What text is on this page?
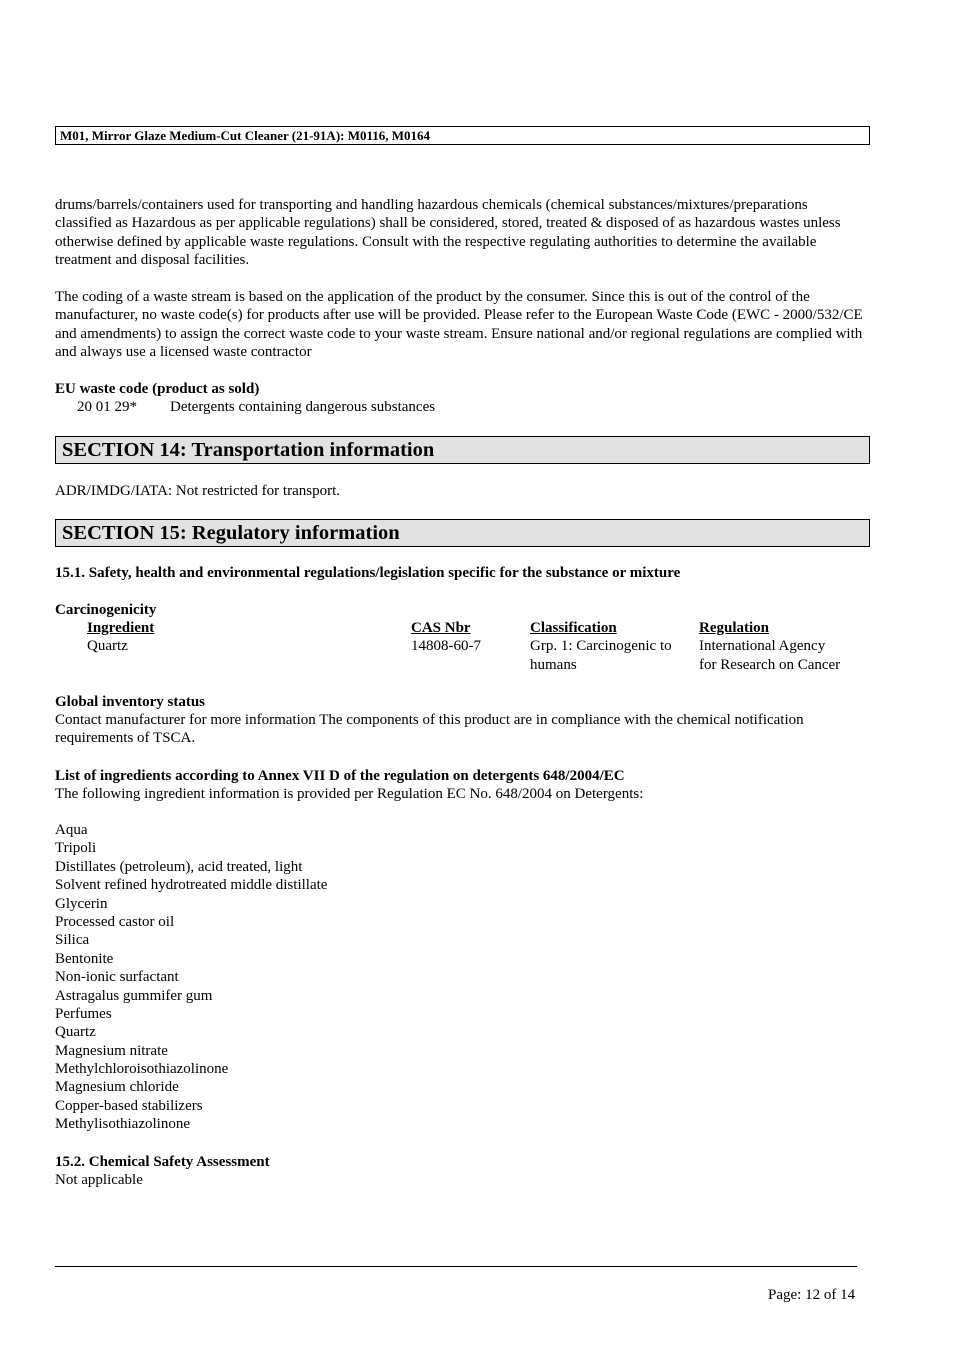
M01, Mirror Glaze Medium-Cut Cleaner (21-91A): M0116, M0164

drums/barrels/containers used for transporting and handling hazardous chemicals (chemical substances/mixtures/preparations classified as Hazardous as per applicable regulations) shall be considered, stored, treated & disposed of as hazardous wastes unless otherwise defined by applicable waste regulations. Consult with the respective regulating authorities to determine the available treatment and disposal facilities.

The coding of a waste stream is based on the application of the product by the consumer. Since this is out of the control of the manufacturer, no waste code(s) for products after use will be provided. Please refer to the European Waste Code (EWC - 2000/532/CE and amendments) to assign the correct waste code to your waste stream. Ensure national and/or regional regulations are complied with and always use a licensed waste contractor

EU waste code (product as sold)

20 01 29* Detergents containing dangerous substances
SECTION 14: Transportation information

ADR/IMDG/IATA: Not restricted for transport.

SECTION 15: Regulatory information

15.1. Safety, health and environmental regulations/legislation specific for the substance or mixture

Carcinogenicity

Ingredient
Quartz
CAS Nbr
14808-60-7
Classification
Grp. 1: Carcinogenic to
humans
Regulation
International Agency
for Research on Cancer

Global inventory status

Contact manufacturer for more information The components of this product are in compliance with the chemical notification requirements of TSCA.

List of ingredients according to Annex VII D of the regulation on detergents 648/2004/EC

The following ingredient information is provided per Regulation EC No. 648/2004 on Detergents:

Aqua
Tripoli
Distillates (petroleum), acid treated, light
Solvent refined hydrotreated middle distillate
Glycerin
Processed castor oil
Silica
Bentonite
Non-ionic surfactant
Astragalus gummifer gum
Perfumes
Quartz
Magnesium nitrate
Methylchloroisothiazolinone
Magnesium chloride
Copper-based stabilizers
Methylisothiazolinone

15.2. Chemical Safety Assessment

Not applicable

Page: 12 of 14
